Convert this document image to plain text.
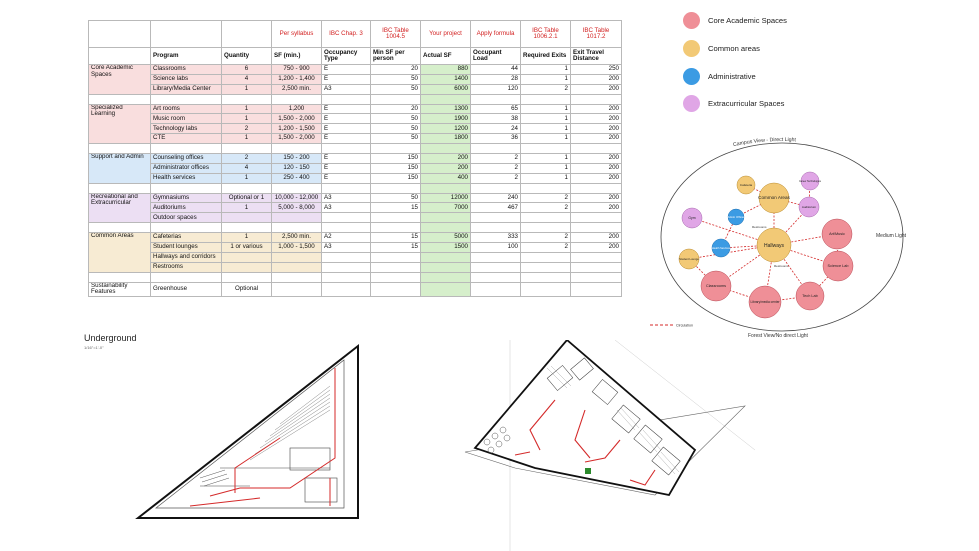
			Per syllabus	IBC Chap. 3	IBC Table 1004.5	Your project	Apply formula	IBC Table 1006.2.1	IBC Table 1017.2
	Program	Quantity	SF (min.)	Occupancy Type	Min SF per person	Actual SF	Occupant Load	Required Exits	Exit Travel Distance
Core Academic Spaces	Classrooms	6	750 - 900	E	20	880	44	1	250
	Science labs	4	1,200 - 1,400	E	50	1400	28	1	200
	Library/Media Center	1	2,500 min.	A3	50	6000	120	2	200

Specialized Learning	Art rooms	1	1,200	E	20	1300	65	1	200
	Music room	1	1,500 - 2,000	E	50	1900	38	1	200
	Technology labs	2	1,200 - 1,500	E	50	1200	24	1	200
	CTE	1	1,500 - 2,000	E	50	1800	36	1	200

Support and Admin	Counseling offices	2	150 - 200	E	150	200	2	1	200
	Administrator offices	4	120 - 150	E	150	200	2	1	200
	Health services	1	250 - 400	E	150	400	2	1	200

Recreational and Extracurricular	Gymnasiums	Optional or 1	10,000 - 12,000	A3	50	12000	240	2	200
	Auditoriums	1	5,000 - 8,000	A3	15	7000	467	2	200
	Outdoor spaces								

Common Areas	Cafeterias	1	2,500 min.	A2	15	5000	333	2	200
	Student lounges	1 or various	1,000 - 1,500	A3	15	1500	100	2	200
	Hallways and corridors								
	Restrooms								

Sustainability Features	Greenhouse	Optional							
Core Academic Spaces
Common areas
Administrative
Extracurricular Spaces
Campus View - Direct Light
Medium Light
Forest View/No direct Light
Common Areas
Hallways
Cafeteria
Admin Offices
Gym
Student Lounge
Health Services
Classrooms
Library/media center
Tech Lab
Science Lab
Art/Music
Auditorium
Career Technologies
Restrooms
Restrooms
Circulation
Underground
1/16"=1'-0"
